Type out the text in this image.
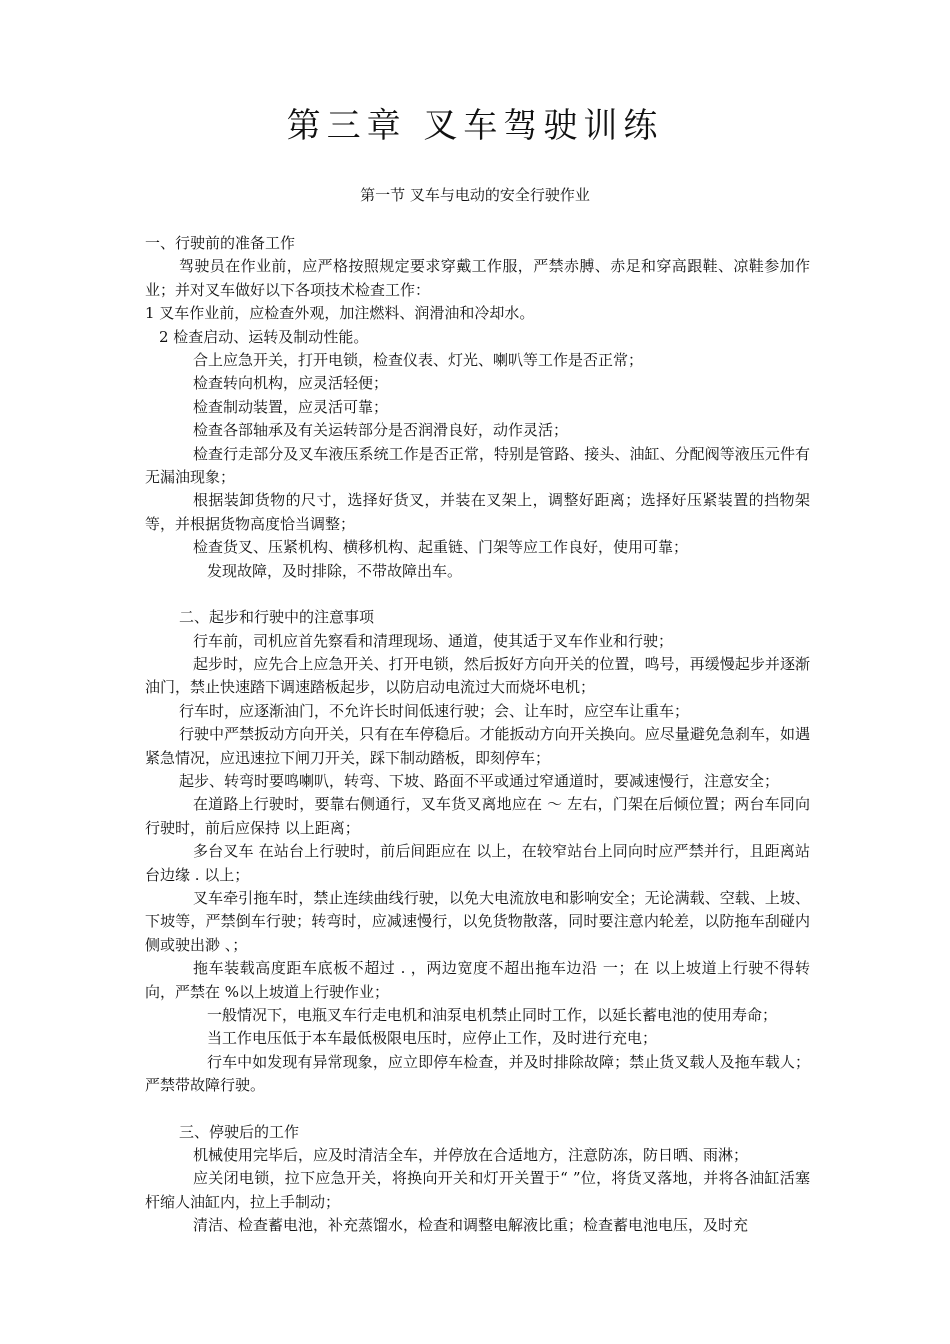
第三章 叉车驾驶训练
第一节 叉车与电动的安全行驶作业

一、行驶前的准备工作

驾驶员在作业前，应严格按照规定要求穿戴工作服，严禁赤膊、赤足和穿高跟鞋、凉鞋参加作业；并对叉车做好以下各项技术检查工作：

1 叉车作业前，应检查外观，加注燃料、润滑油和冷却水。

2 检查启动、运转及制动性能。

合上应急开关，打开电锁，检查仪表、灯光、喇叭等工作是否正常；

检查转向机构，应灵活轻便；

检查制动装置，应灵活可靠；

检查各部轴承及有关运转部分是否润滑良好，动作灵活；

检查行走部分及叉车液压系统工作是否正常，特别是管路、接头、油缸、分配阀等液压元件有无漏油现象；

根据装卸货物的尺寸，选择好货叉，并装在叉架上，调整好距离；选择好压紧装置的挡物架等，并根据货物高度恰当调整；

检查货叉、压紧机构、横移机构、起重链、门架等应工作良好，使用可靠；

发现故障，及时排除，不带故障出车。

二、起步和行驶中的注意事项

行车前，司机应首先察看和清理现场、通道，使其适于叉车作业和行驶；

起步时，应先合上应急开关、打开电锁，然后扳好方向开关的位置，鸣号，再缓慢起步并逐渐油门，禁止快速踏下调速踏板起步，以防启动电流过大而烧坏电机；

行车时，应逐渐油门，不允许长时间低速行驶；会、让车时，应空车让重车；

行驶中严禁扳动方向开关，只有在车停稳后。才能扳动方向开关换向。应尽量避免急刹车，如遇紧急情况，应迅速拉下闸刀开关，踩下制动踏板，即刻停车；

起步、转弯时要鸣喇叭，转弯、下坡、路面不平或通过窄通道时，要减速慢行，注意安全；

在道路上行驶时，要靠右侧通行，叉车货叉离地应在 ～ 左右，门架在后倾位置；两台车同向行驶时，前后应保持 以上距离；

多台叉车 在站台上行驶时，前后间距应在 以上，在较窄站台上同向时应严禁并行，且距离站台边缘 . 以上；

叉车牵引拖车时，禁止连续曲线行驶，以免大电流放电和影响安全；无论满载、空载、上坡、下坡等，严禁倒车行驶；转弯时，应减速慢行，以免货物散落，同时要注意内轮差，以防拖车刮碰内侧或驶出渺 、；

拖车装载高度距车底板不超过 . ，两边宽度不超出拖车边沿 一；在 以上坡道上行驶不得转向，严禁在 %以上坡道上行驶作业；

一般情况下，电瓶叉车行走电机和油泵电机禁止同时工作，以延长蓄电池的使用寿命；

当工作电压低于本车最低极限电压时，应停止工作，及时进行充电；

行车中如发现有异常现象，应立即停车检查，并及时排除故障；禁止货叉载人及拖车载人；严禁带故障行驶。

三、停驶后的工作

机械使用完毕后，应及时清洁全车，并停放在合适地方，注意防冻，防日晒、雨淋；

应关闭电锁，拉下应急开关，将换向开关和灯开关置于“ ”位，将货叉落地，并将各油缸活塞杆缩人油缸内，拉上手制动；

清洁、检查蓄电池，补充蒸馏水，检查和调整电解液比重；检查蓄电池电压，及时充
